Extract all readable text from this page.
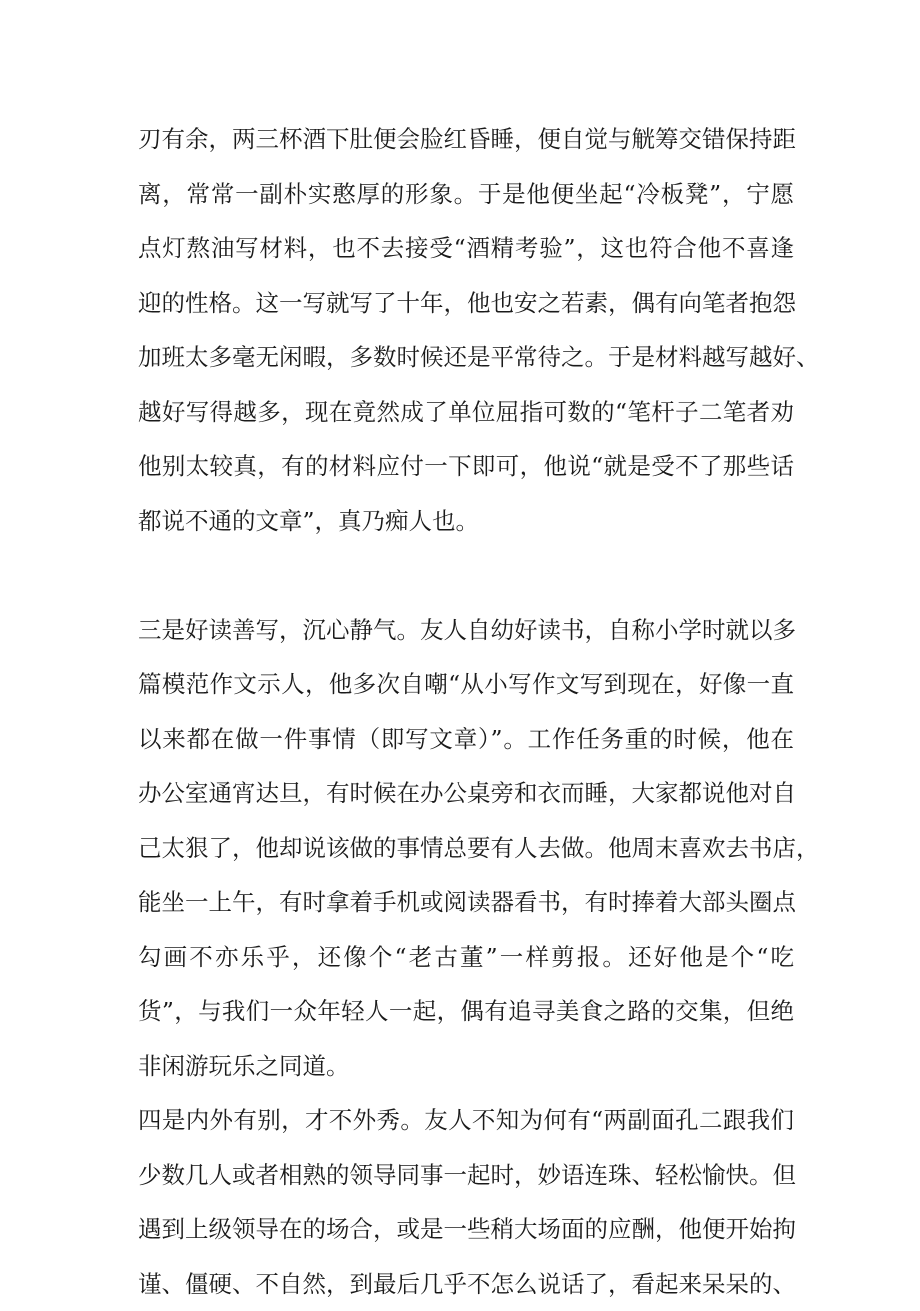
刃有余，两三杯酒下肚便会脸红昏睡，便自觉与觥筹交错保持距
离，常常一副朴实憨厚的形象。于是他便坐起“冷板凳”，宁愿
点灯熬油写材料，也不去接受“酒精考验”，这也符合他不喜逢
迎的性格。这一写就写了十年，他也安之若素，偶有向笔者抱怨
加班太多毫无闲暇，多数时候还是平常待之。于是材料越写越好、
越好写得越多，现在竟然成了单位屈指可数的“笔杆子二笔者劝
他别太较真，有的材料应付一下即可，他说“就是受不了那些话
都说不通的文章”，真乃痴人也。
三是好读善写，沉心静气。友人自幼好读书，自称小学时就以多
篇模范作文示人，他多次自嘲“从小写作文写到现在，好像一直
以来都在做一件事情（即写文章）”。工作任务重的时候，他在
办公室通宵达旦，有时候在办公桌旁和衣而睡，大家都说他对自
己太狠了，他却说该做的事情总要有人去做。他周末喜欢去书店，
能坐一上午，有时拿着手机或阅读器看书，有时捧着大部头圈点
勾画不亦乐乎，还像个“老古董”一样剪报。还好他是个“吃
货”，与我们一众年轻人一起，偶有追寻美食之路的交集，但绝
非闲游玩乐之同道。
四是内外有别，才不外秀。友人不知为何有“两副面孔二跟我们
少数几人或者相熟的领导同事一起时，妙语连珠、轻松愉快。但
遇到上级领导在的场合，或是一些稍大场面的应酬，他便开始拘
谨、僵硬、不自然，到最后几乎不怎么说话了，看起来呆呆的、
